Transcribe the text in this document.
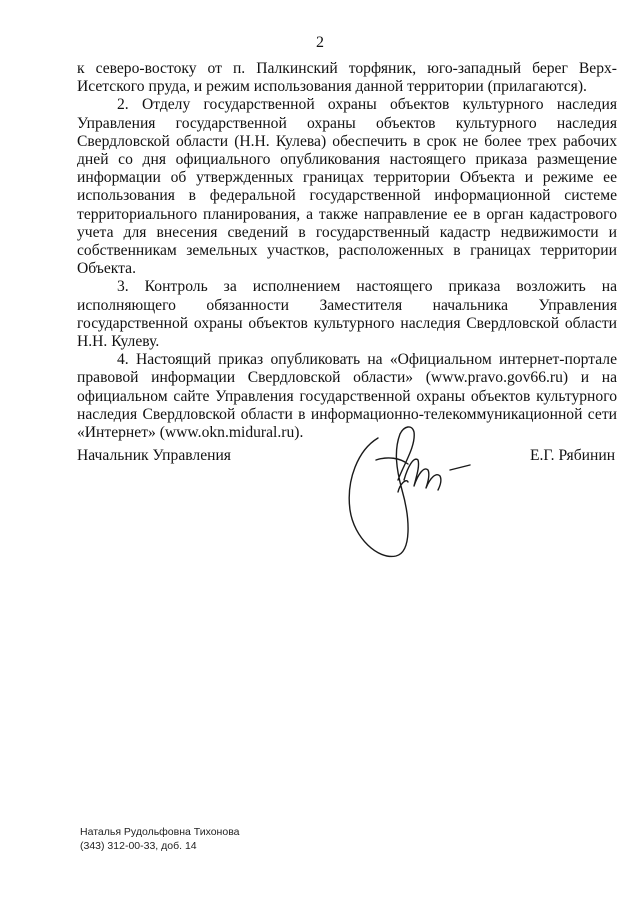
2

к северо-востоку от п. Палкинский торфяник, юго-западный берег Верх-Исетского пруда, и режим использования данной территории (прилагаются).

2. Отделу государственной охраны объектов культурного наследия Управления государственной охраны объектов культурного наследия Свердловской области (Н.Н. Кулева) обеспечить в срок не более трех рабочих дней со дня официального опубликования настоящего приказа размещение информации об утвержденных границах территории Объекта и режиме ее использования в федеральной государственной информационной системе территориального планирования, а также направление ее в орган кадастрового учета для внесения сведений в государственный кадастр недвижимости и собственникам земельных участков, расположенных в границах территории Объекта.

3. Контроль за исполнением настоящего приказа возложить на исполняющего обязанности Заместителя начальника Управления государственной охраны объектов культурного наследия Свердловской области Н.Н. Кулеву.

4. Настоящий приказ опубликовать на «Официальном интернет-портале правовой информации Свердловской области» (www.pravo.gov66.ru) и на официальном сайте Управления государственной охраны объектов культурного наследия Свердловской области в информационно-телекоммуникационной сети «Интернет» (www.okn.midural.ru).

Начальник Управления	Е.Г. Рябинин
Наталья Рудольфовна Тихонова
(343) 312-00-33, доб. 14
